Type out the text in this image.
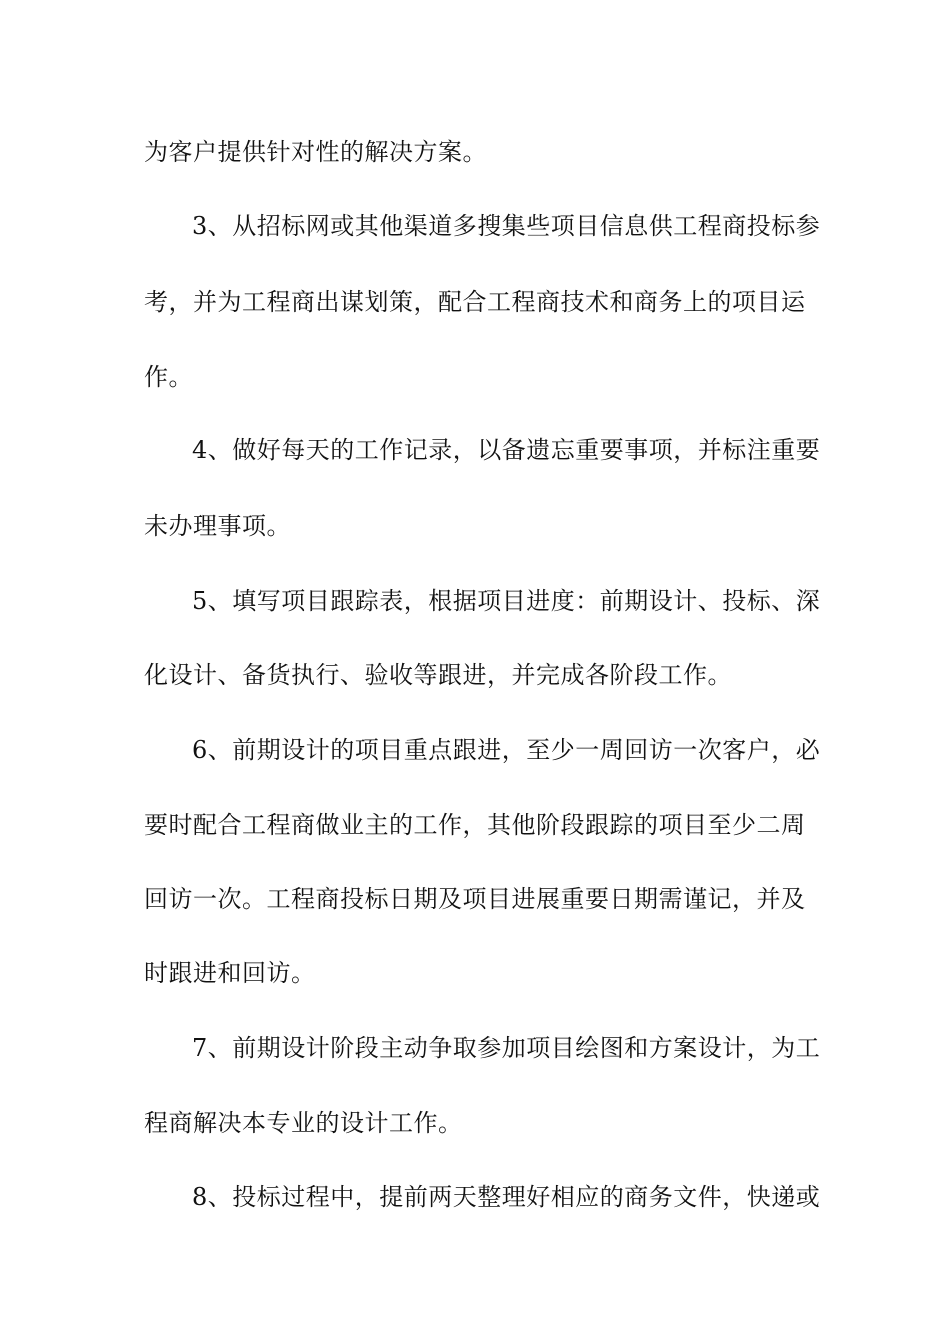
为客户提供针对性的解决方案。
3、从招标网或其他渠道多搜集些项目信息供工程商投标参
考，并为工程商出谋划策，配合工程商技术和商务上的项目运
作。
4、做好每天的工作记录，以备遗忘重要事项，并标注重要
未办理事项。
5、填写项目跟踪表，根据项目进度：前期设计、投标、深
化设计、备货执行、验收等跟进，并完成各阶段工作。
6、前期设计的项目重点跟进，至少一周回访一次客户，必
要时配合工程商做业主的工作，其他阶段跟踪的项目至少二周
回访一次。工程商投标日期及项目进展重要日期需谨记，并及
时跟进和回访。
7、前期设计阶段主动争取参加项目绘图和方案设计，为工
程商解决本专业的设计工作。
8、投标过程中，提前两天整理好相应的商务文件，快递或
